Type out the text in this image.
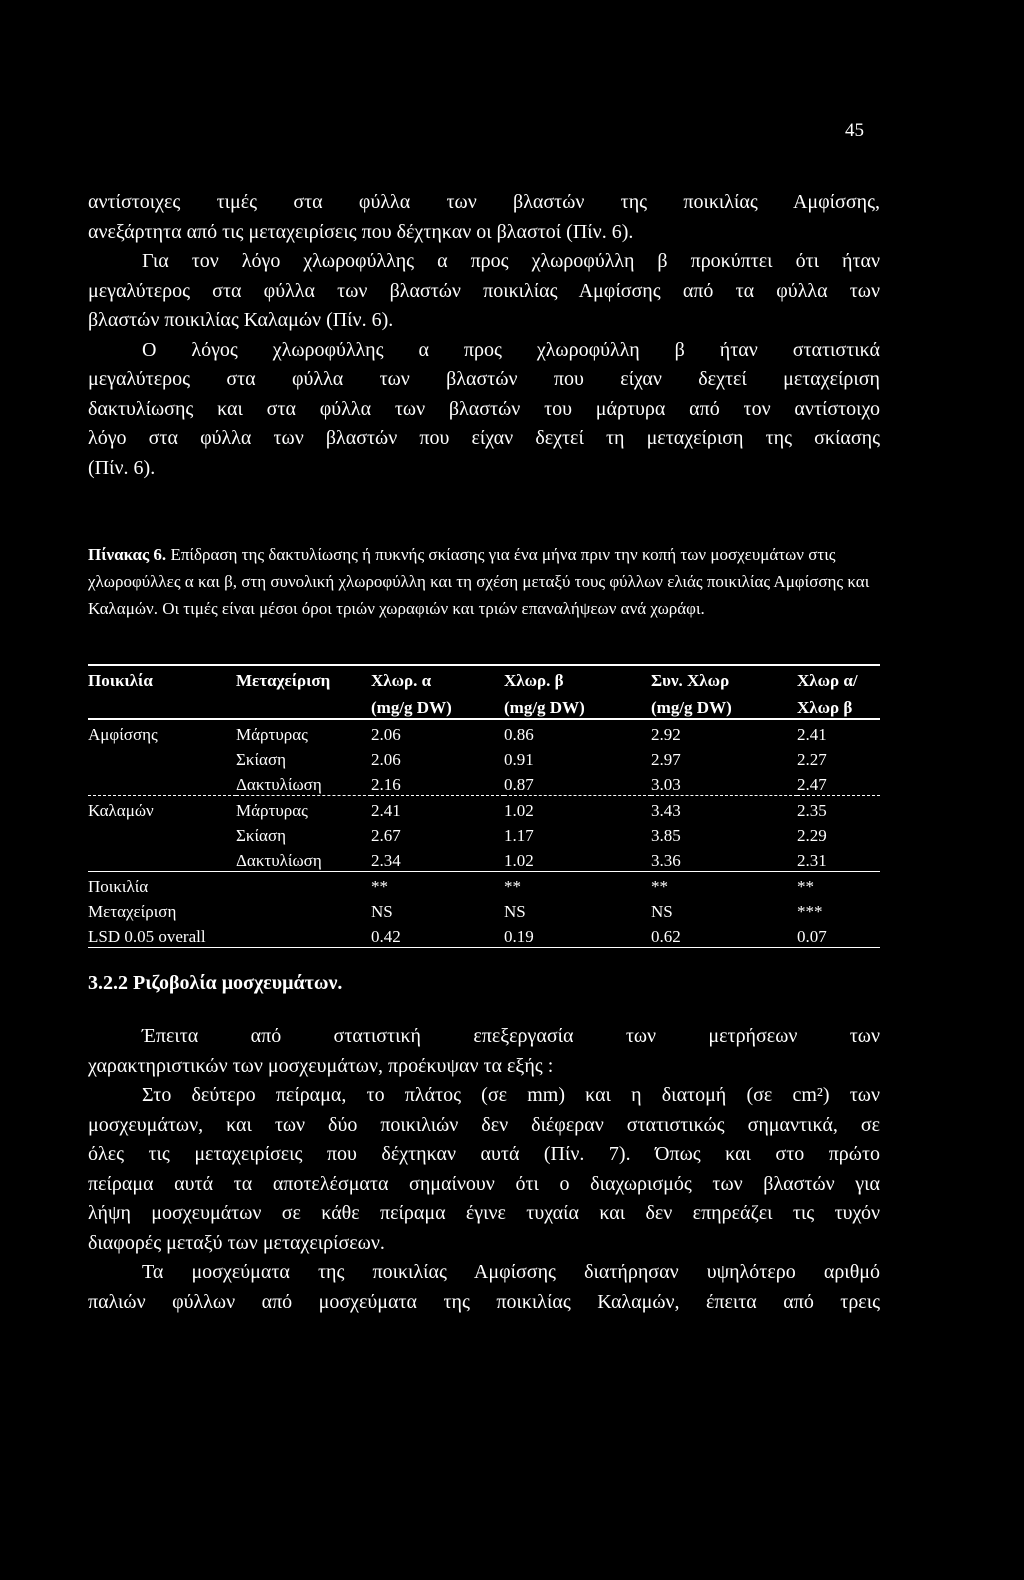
45
αντίστοιχες τιμές στα φύλλα των βλαστών της ποικιλίας Αμφίσσης,
ανεξάρτητα από τις μεταχειρίσεις που δέχτηκαν οι βλαστοί (Πίν. 6).
Για τον λόγο χλωροφύλλης α προς χλωροφύλλη β προκύπτει ότι ήταν
μεγαλύτερος στα φύλλα των βλαστών ποικιλίας Αμφίσσης από τα φύλλα των
βλαστών ποικιλίας Καλαμών (Πίν. 6).
Ο λόγος χλωροφύλλης α προς χλωροφύλλη β ήταν στατιστικά
μεγαλύτερος στα φύλλα των βλαστών που είχαν δεχτεί μεταχείριση
δακτυλίωσης και στα φύλλα των βλαστών του μάρτυρα από τον αντίστοιχο
λόγο στα φύλλα των βλαστών που είχαν δεχτεί τη μεταχείριση της σκίασης
(Πίν. 6).
Πίνακας 6. Επίδραση της δακτυλίωσης ή πυκνής σκίασης για ένα μήνα πριν την κοπή των μοσχευμάτων στις χλωροφύλλες α και β, στη συνολική χλωροφύλλη και τη σχέση μεταξύ τους φύλλων ελιάς ποικιλίας Αμφίσσης και Καλαμών. Οι τιμές είναι μέσοι όροι τριών χωραφιών και τριών επαναλήψεων ανά χωράφι.
Ποικιλία	Μεταχείριση	Χλωρ. α	Χλωρ. β	Συν. Χλωρ	Χλωρ α/
		(mg/g DW)	(mg/g DW)	(mg/g DW)	Χλωρ β
Αμφίσσης	Μάρτυρας	2.06	0.86	2.92	2.41
	Σκίαση	2.06	0.91	2.97	2.27
	Δακτυλίωση	2.16	0.87	3.03	2.47
Καλαμών	Μάρτυρας	2.41	1.02	3.43	2.35
	Σκίαση	2.67	1.17	3.85	2.29
	Δακτυλίωση	2.34	1.02	3.36	2.31
Ποικιλία		**	**	**	**
Μεταχείριση		NS	NS	NS	***
LSD 0.05 overall		0.42	0.19	0.62	0.07
3.2.2 Ριζοβολία μοσχευμάτων.
Έπειτα από στατιστική επεξεργασία των μετρήσεων των
χαρακτηριστικών των μοσχευμάτων, προέκυψαν τα εξής :
Στο δεύτερο πείραμα, το πλάτος (σε mm) και η διατομή (σε cm²) των
μοσχευμάτων, και των δύο ποικιλιών δεν διέφεραν στατιστικώς σημαντικά, σε
όλες τις μεταχειρίσεις που δέχτηκαν αυτά (Πίν. 7). Όπως και στο πρώτο
πείραμα αυτά τα αποτελέσματα σημαίνουν ότι ο διαχωρισμός των βλαστών για
λήψη μοσχευμάτων σε κάθε πείραμα έγινε τυχαία και δεν επηρεάζει τις τυχόν
διαφορές μεταξύ των μεταχειρίσεων.
Τα μοσχεύματα της ποικιλίας Αμφίσσης διατήρησαν υψηλότερο αριθμό
παλιών φύλλων από μοσχεύματα της ποικιλίας Καλαμών, έπειτα από τρεις
